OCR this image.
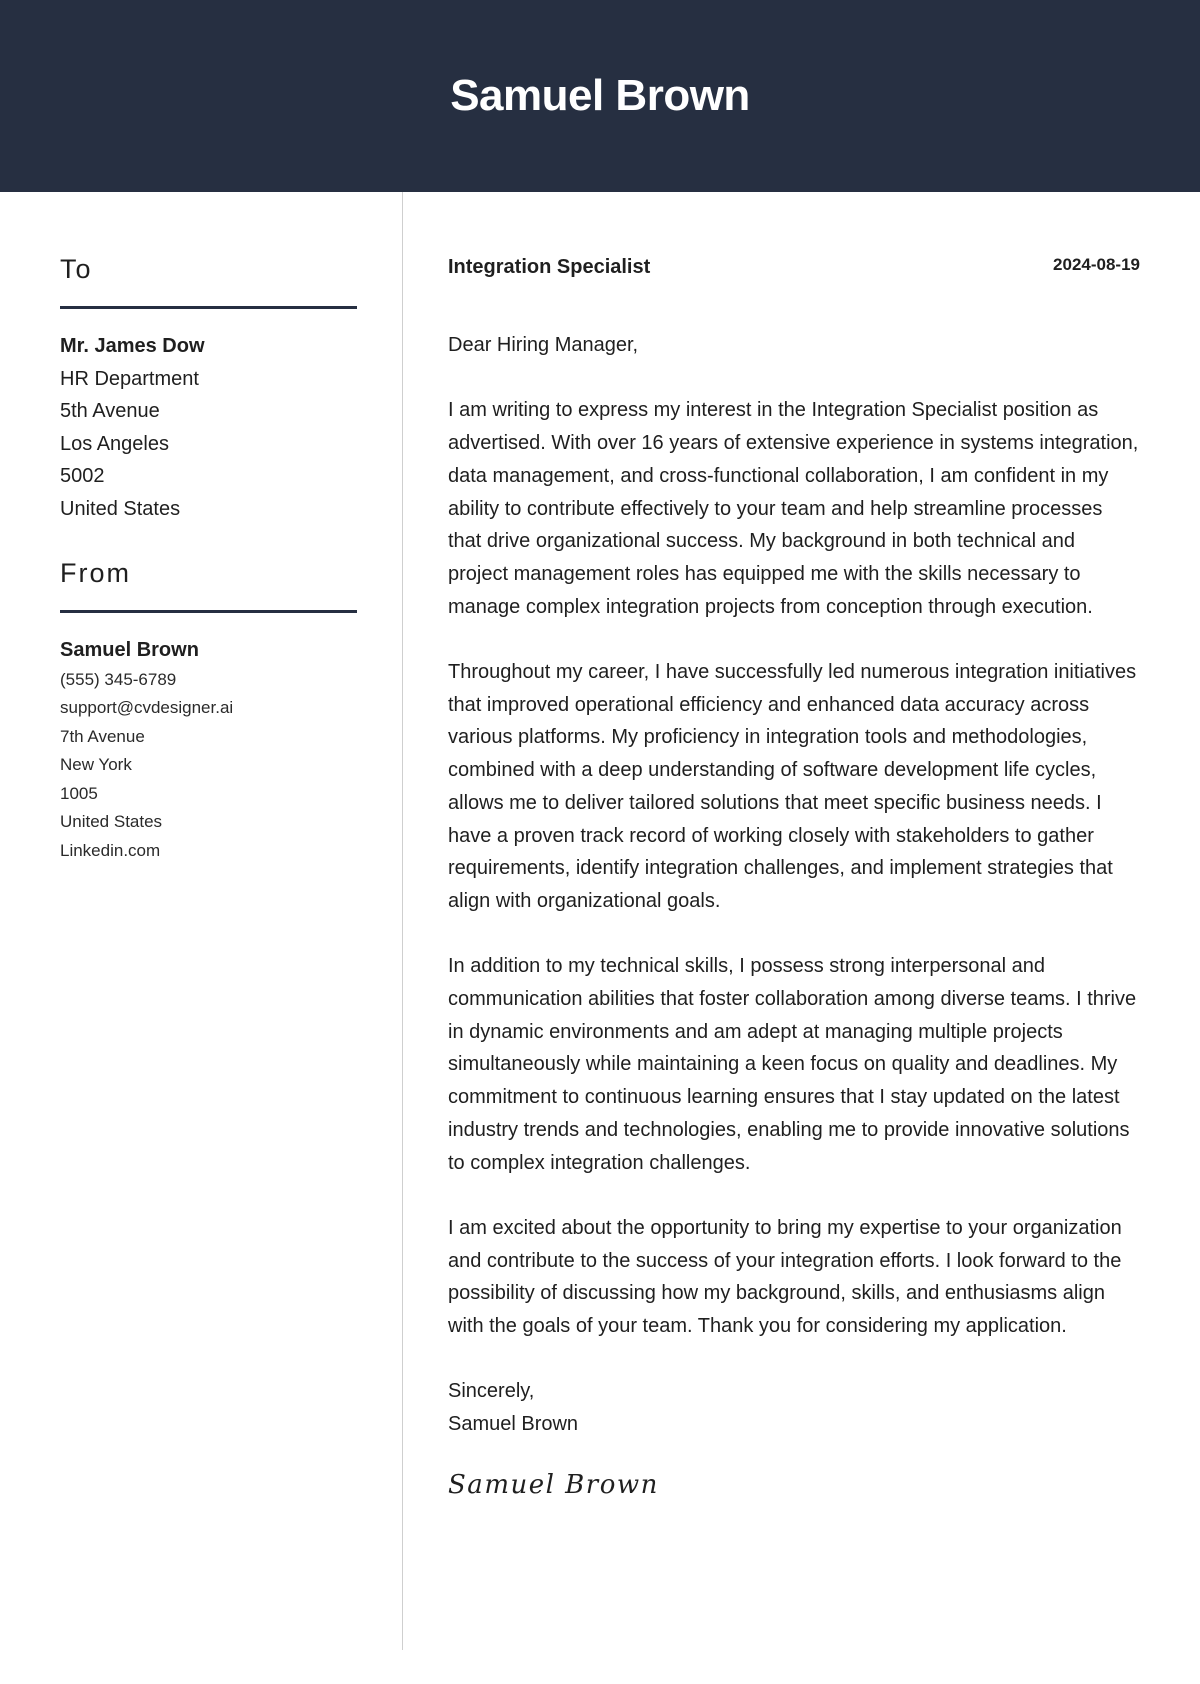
Samuel Brown
To
Mr. James Dow
HR Department
5th Avenue
Los Angeles
5002
United States
From
Samuel Brown
(555) 345-6789
support@cvdesigner.ai
7th Avenue
New York
1005
United States
Linkedin.com
Integration Specialist	2024-08-19
Dear Hiring Manager,

I am writing to express my interest in the Integration Specialist position as advertised. With over 16 years of extensive experience in systems integration, data management, and cross-functional collaboration, I am confident in my ability to contribute effectively to your team and help streamline processes that drive organizational success. My background in both technical and project management roles has equipped me with the skills necessary to manage complex integration projects from conception through execution.

Throughout my career, I have successfully led numerous integration initiatives that improved operational efficiency and enhanced data accuracy across various platforms. My proficiency in integration tools and methodologies, combined with a deep understanding of software development life cycles, allows me to deliver tailored solutions that meet specific business needs. I have a proven track record of working closely with stakeholders to gather requirements, identify integration challenges, and implement strategies that align with organizational goals.

In addition to my technical skills, I possess strong interpersonal and communication abilities that foster collaboration among diverse teams. I thrive in dynamic environments and am adept at managing multiple projects simultaneously while maintaining a keen focus on quality and deadlines. My commitment to continuous learning ensures that I stay updated on the latest industry trends and technologies, enabling me to provide innovative solutions to complex integration challenges.

I am excited about the opportunity to bring my expertise to your organization and contribute to the success of your integration efforts. I look forward to the possibility of discussing how my background, skills, and enthusiasms align with the goals of your team. Thank you for considering my application.

Sincerely,
Samuel Brown
Samuel Brown
